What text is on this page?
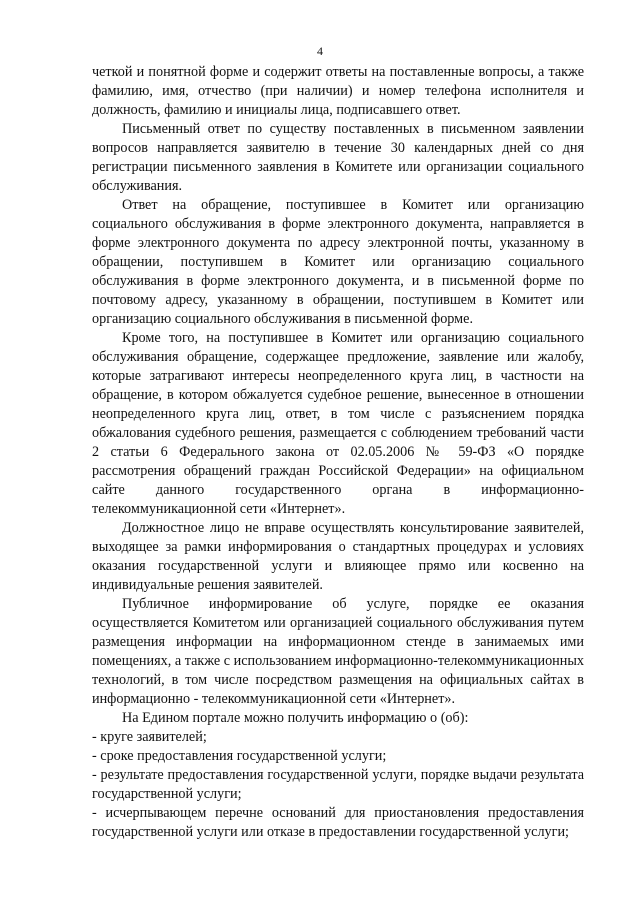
4

четкой и понятной форме и содержит ответы на поставленные вопросы, а также фамилию, имя, отчество (при наличии) и номер телефона исполнителя и должность, фамилию и инициалы лица, подписавшего ответ.

Письменный ответ по существу поставленных в письменном заявлении вопросов направляется заявителю в течение 30 календарных дней со дня регистрации письменного заявления в Комитете или организации социального обслуживания.

Ответ на обращение, поступившее в Комитет или организацию социального обслуживания в форме электронного документа, направляется в форме электронного документа по адресу электронной почты, указанному в обращении, поступившем в Комитет или организацию социального обслуживания в форме электронного документа, и в письменной форме по почтовому адресу, указанному в обращении, поступившем в Комитет или организацию социального обслуживания в письменной форме.

Кроме того, на поступившее в Комитет или организацию социального обслуживания обращение, содержащее предложение, заявление или жалобу, которые затрагивают интересы неопределенного круга лиц, в частности на обращение, в котором обжалуется судебное решение, вынесенное в отношении неопределенного круга лиц, ответ, в том числе с разъяснением порядка обжалования судебного решения, размещается с соблюдением требований части 2 статьи 6 Федерального закона от 02.05.2006 № 59-ФЗ «О порядке рассмотрения обращений граждан Российской Федерации» на официальном сайте данного государственного органа в информационно-телекоммуникационной сети «Интернет».

Должностное лицо не вправе осуществлять консультирование заявителей, выходящее за рамки информирования о стандартных процедурах и условиях оказания государственной услуги и влияющее прямо или косвенно на индивидуальные решения заявителей.

Публичное информирование об услуге, порядке ее оказания осуществляется Комитетом или организацией социального обслуживания путем размещения информации на информационном стенде в занимаемых ими помещениях, а также с использованием информационно-телекоммуникационных технологий, в том числе посредством размещения на официальных сайтах в информационно - телекоммуникационной сети «Интернет».

На Едином портале можно получить информацию о (об):

- круге заявителей;

- сроке предоставления государственной услуги;

- результате предоставления государственной услуги, порядке выдачи результата государственной услуги;

- исчерпывающем перечне оснований для приостановления предоставления государственной услуги или отказе в предоставлении государственной услуги;
